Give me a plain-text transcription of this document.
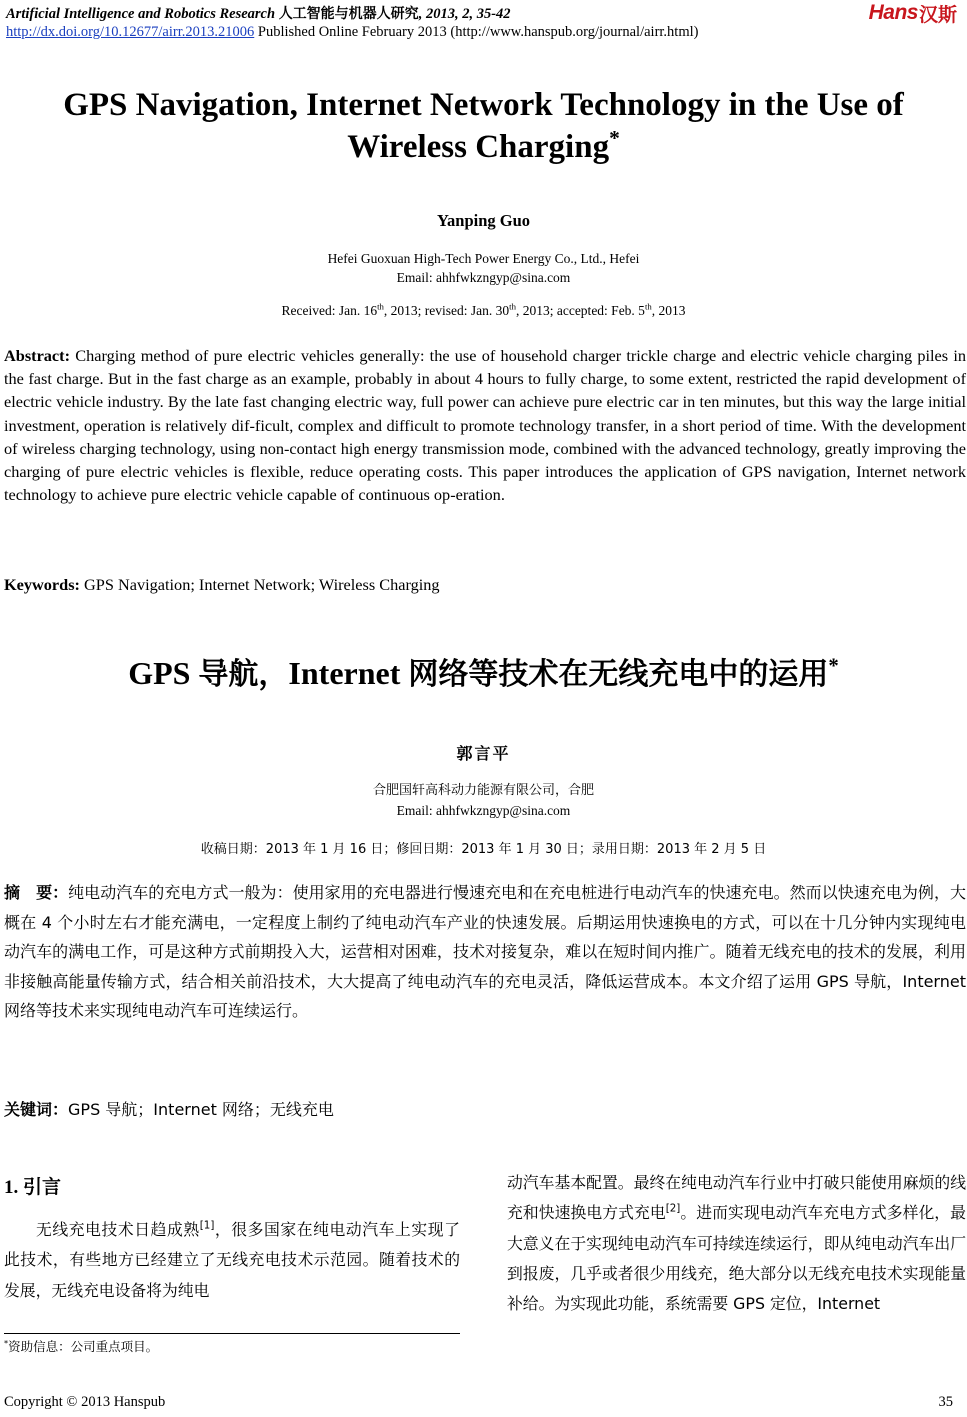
Artificial Intelligence and Robotics Research 人工智能与机器人研究, 2013, 2, 35-42
http://dx.doi.org/10.12677/airr.2013.21006 Published Online February 2013 (http://www.hanspub.org/journal/airr.html)
Hans 汉斯
GPS Navigation, Internet Network Technology in the Use of Wireless Charging*
Yanping Guo
Hefei Guoxuan High-Tech Power Energy Co., Ltd., Hefei
Email: ahhfwkzngyp@sina.com
Received: Jan. 16th, 2013; revised: Jan. 30th, 2013; accepted: Feb. 5th, 2013
Abstract: Charging method of pure electric vehicles generally: the use of household charger trickle charge and electric vehicle charging piles in the fast charge. But in the fast charge as an example, probably in about 4 hours to fully charge, to some extent, restricted the rapid development of electric vehicle industry. By the late fast changing electric way, full power can achieve pure electric car in ten minutes, but this way the large initial investment, operation is relatively dif-ficult, complex and difficult to promote technology transfer, in a short period of time. With the development of wireless charging technology, using non-contact high energy transmission mode, combined with the advanced technology, greatly improving the charging of pure electric vehicles is flexible, reduce operating costs. This paper introduces the application of GPS navigation, Internet network technology to achieve pure electric vehicle capable of continuous op-eration.
Keywords: GPS Navigation; Internet Network; Wireless Charging
GPS 导航，Internet 网络等技术在无线充电中的运用*
郭言平
合肥国轩高科动力能源有限公司，合肥
Email: ahhfwkzngyp@sina.com
收稿日期：2013 年 1 月 16 日；修回日期：2013 年 1 月 30 日；录用日期：2013 年 2 月 5 日
摘　要：纯电动汽车的充电方式一般为：使用家用的充电器进行慢速充电和在充电桩进行电动汽车的快速充电。然而以快速充电为例，大概在 4 个小时左右才能充满电，一定程度上制约了纯电动汽车产业的快速发展。后期运用快速换电的方式，可以在十几分钟内实现纯电动汽车的满电工作，可是这种方式前期投入大，运营相对困难，技术对接复杂，难以在短时间内推广。随着无线充电的技术的发展，利用非接触高能量传输方式，结合相关前沿技术，大大提高了纯电动汽车的充电灵活，降低运营成本。本文介绍了运用 GPS 导航，Internet 网络等技术来实现纯电动汽车可连续运行。
关键词：GPS 导航；Internet 网络；无线充电
1. 引言
无线充电技术日趋成熟[1]，很多国家在纯电动汽车上实现了此技术，有些地方已经建立了无线充电技术示范园。随着技术的发展，无线充电设备将为纯电
动汽车基本配置。最终在纯电动汽车行业中打破只能使用麻烦的线充和快速换电方式充电[2]。进而实现电动汽车充电方式多样化，最大意义在于实现纯电动汽车可持续连续运行，即从纯电动汽车出厂到报废，几乎或者很少用线充，绝大部分以无线充电技术实现能量补给。为实现此功能，系统需要 GPS 定位，Internet
*资助信息：公司重点项目。
Copyright © 2013 Hanspub	35
